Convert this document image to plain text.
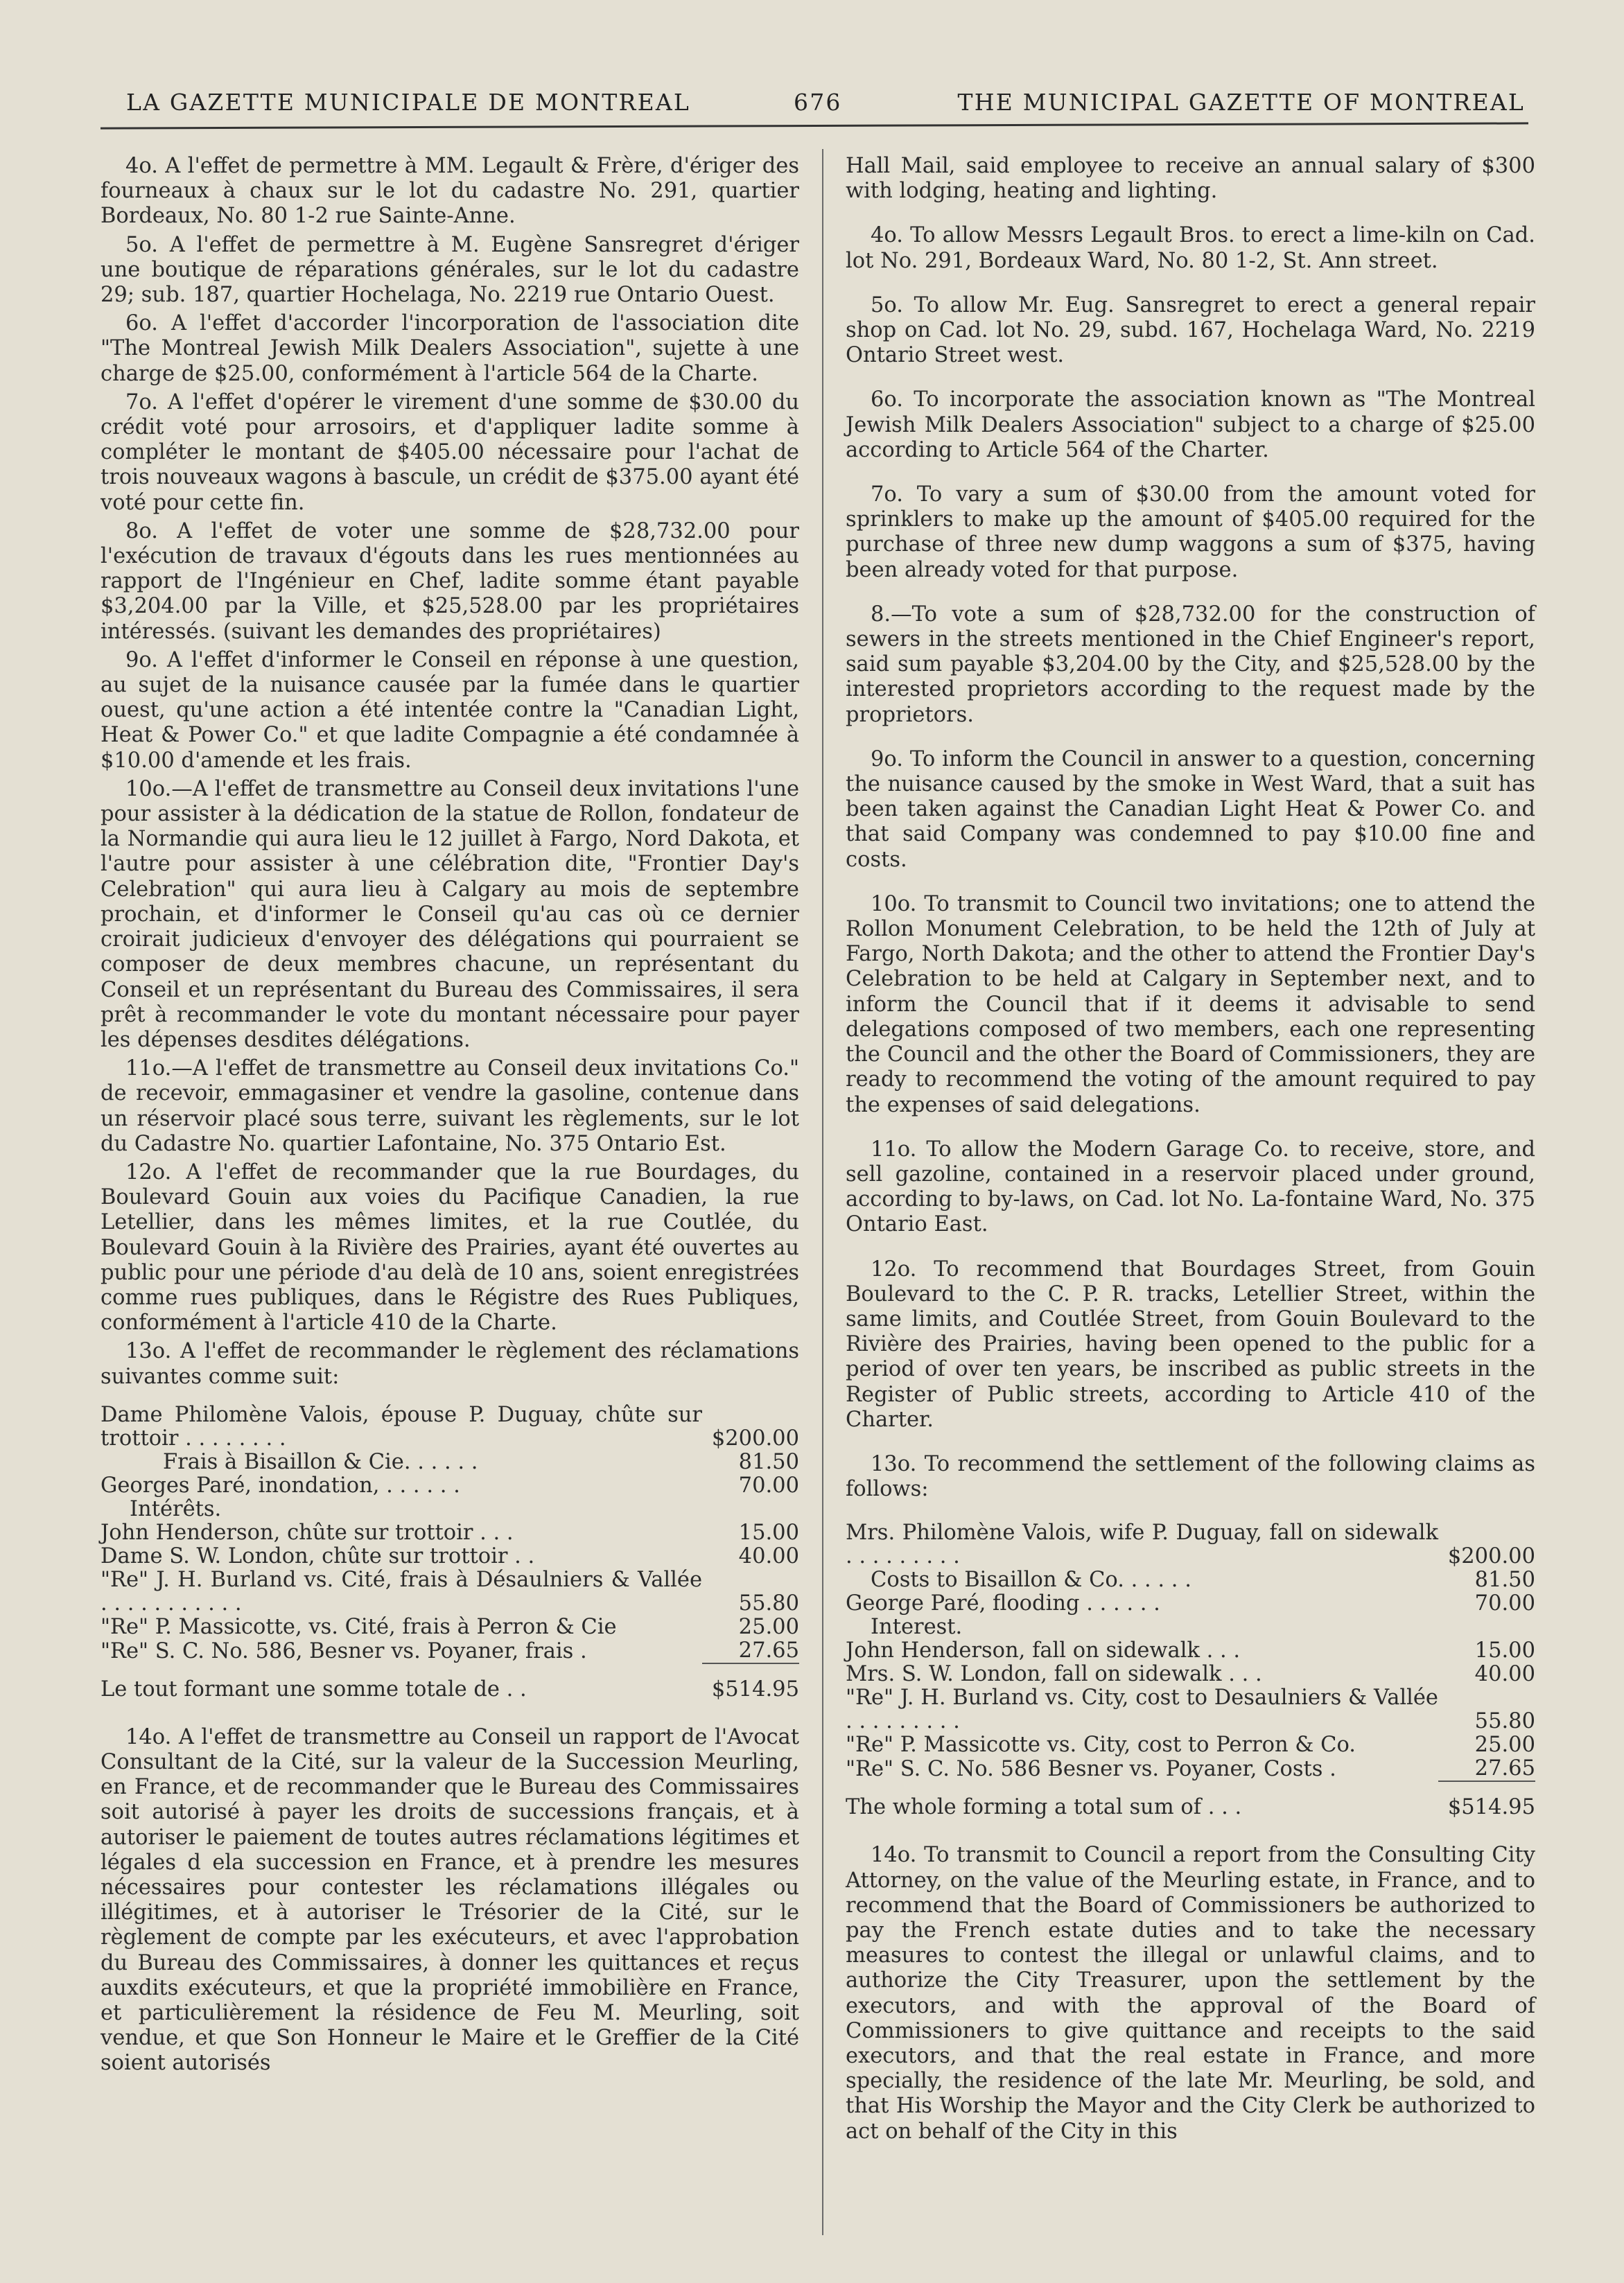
LA GAZETTE MUNICIPALE DE MONTREAL	676	THE MUNICIPAL GAZETTE OF MONTREAL

4o. A l'effet de permettre à MM. Legault & Frère, d'ériger des fourneaux à chaux sur le lot du cadastre No. 291, quartier Bordeaux, No. 80 1-2 rue Sainte-Anne.

5o. A l'effet de permettre à M. Eugène Sansregret d'ériger une boutique de réparations générales, sur le lot du cadastre 29; sub. 187, quartier Hochelaga, No. 2219 rue Ontario Ouest.

6o. A l'effet d'accorder l'incorporation de l'association dite "The Montreal Jewish Milk Dealers Association", sujette à une charge de $25.00, conformément à l'article 564 de la Charte.

7o. A l'effet d'opérer le virement d'une somme de $30.00 du crédit voté pour arrosoirs, et d'appliquer ladite somme à compléter le montant de $405.00 nécessaire pour l'achat de trois nouveaux wagons à bascule, un crédit de $375.00 ayant été voté pour cette fin.

8o. A l'effet de voter une somme de $28,732.00 pour l'exécution de travaux d'égouts dans les rues mentionnées au rapport de l'Ingénieur en Chef, ladite somme étant payable $3,204.00 par la Ville, et $25,528.00 par les propriétaires intéressés. (suivant les demandes des propriétaires)

9o. A l'effet d'informer le Conseil en réponse à une question, au sujet de la nuisance causée par la fumée dans le quartier ouest, qu'une action a été intentée contre la "Canadian Light, Heat & Power Co." et que ladite Compagnie a été condamnée à $10.00 d'amende et les frais.

10o.—A l'effet de transmettre au Conseil deux invitations l'une pour assister à la dédication de la statue de Rollon, fondateur de la Normandie qui aura lieu le 12 juillet à Fargo, Nord Dakota, et l'autre pour assister à une célébration dite, "Frontier Day's Celebration" qui aura lieu à Calgary au mois de septembre prochain, et d'informer le Conseil qu'au cas où ce dernier croirait judicieux d'envoyer des délégations qui pourraient se composer de deux membres chacune, un représentant du Conseil et un représentant du Bureau des Commissaires, il sera prêt à recommander le vote du montant nécessaire pour payer les dépenses desdites délégations.

11o.—A l'effet de transmettre au Conseil deux invitations Co." de recevoir, emmagasiner et vendre la gasoline, contenue dans un réservoir placé sous terre, suivant les règlements, sur le lot du Cadastre No. quartier Lafontaine, No. 375 Ontario Est.

12o. A l'effet de recommander que la rue Bourdages, du Boulevard Gouin aux voies du Pacifique Canadien, la rue Letellier, dans les mêmes limites, et la rue Coutlée, du Boulevard Gouin à la Rivière des Prairies, ayant été ouvertes au public pour une période d'au delà de 10 ans, soient enregistrées comme rues publiques, dans le Régistre des Rues Publiques, conformément à l'article 410 de la Charte.

13o. A l'effet de recommander le règlement des réclamations suivantes comme suit:

Dame Philomène Valois, épouse P. Duguay, chûte sur trottoir . . . . . . . .	$200.00
Frais à Bisaillon & Cie. . . . . .	81.50
Georges Paré, inondation, . . . . . .	70.00
Intérêts.	
John Henderson, chûte sur trottoir . . .	15.00
Dame S. W. London, chûte sur trottoir . .	40.00
"Re" J. H. Burland vs. Cité, frais à Désaulniers & Vallée . . . . . . . . . . .	55.80
"Re" P. Massicotte, vs. Cité, frais à Perron & Cie	25.00
"Re" S. C. No. 586, Besner vs. Poyaner, frais .	27.65
Le tout formant une somme totale de . .	$514.95

14o. A l'effet de transmettre au Conseil un rapport de l'Avocat Consultant de la Cité, sur la valeur de la Succession Meurling, en France, et de recommander que le Bureau des Commissaires soit autorisé à payer les droits de successions français, et à autoriser le paiement de toutes autres réclamations légitimes et légales d ela succession en France, et à prendre les mesures nécessaires pour contester les réclamations illégales ou illégitimes, et à autoriser le Trésorier de la Cité, sur le règlement de compte par les exécuteurs, et avec l'approbation du Bureau des Commissaires, à donner les quittances et reçus auxdits exécuteurs, et que la propriété immobilière en France, et particulièrement la résidence de Feu M. Meurling, soit vendue, et que Son Honneur le Maire et le Greffier de la Cité soient autorisés

Hall Mail, said employee to receive an annual salary of $300 with lodging, heating and lighting.

4o. To allow Messrs Legault Bros. to erect a lime-kiln on Cad. lot No. 291, Bordeaux Ward, No. 80 1-2, St. Ann street.

5o. To allow Mr. Eug. Sansregret to erect a general repair shop on Cad. lot No. 29, subd. 167, Hochelaga Ward, No. 2219 Ontario Street west.

6o. To incorporate the association known as "The Montreal Jewish Milk Dealers Association" subject to a charge of $25.00 according to Article 564 of the Charter.

7o. To vary a sum of $30.00 from the amount voted for sprinklers to make up the amount of $405.00 required for the purchase of three new dump waggons a sum of $375, having been already voted for that purpose.

8.—To vote a sum of $28,732.00 for the construction of sewers in the streets mentioned in the Chief Engineer's report, said sum payable $3,204.00 by the City, and $25,528.00 by the interested proprietors according to the request made by the proprietors.

9o. To inform the Council in answer to a question, concerning the nuisance caused by the smoke in West Ward, that a suit has been taken against the Canadian Light Heat & Power Co. and that said Company was condemned to pay $10.00 fine and costs.

10o. To transmit to Council two invitations; one to attend the Rollon Monument Celebration, to be held the 12th of July at Fargo, North Dakota; and the other to attend the Frontier Day's Celebration to be held at Calgary in September next, and to inform the Council that if it deems it advisable to send delegations composed of two members, each one representing the Council and the other the Board of Commissioners, they are ready to recommend the voting of the amount required to pay the expenses of said delegations.

11o. To allow the Modern Garage Co. to receive, store, and sell gazoline, contained in a reservoir placed under ground, according to by-laws, on Cad. lot No. La-fontaine Ward, No. 375 Ontario East.

12o. To recommend that Bourdages Street, from Gouin Boulevard to the C. P. R. tracks, Letellier Street, within the same limits, and Coutlée Street, from Gouin Boulevard to the Rivière des Prairies, having been opened to the public for a period of over ten years, be inscribed as public streets in the Register of Public streets, according to Article 410 of the Charter.

13o. To recommend the settlement of the following claims as follows:

Mrs. Philomène Valois, wife P. Duguay, fall on sidewalk . . . . . . . . .	$200.00
Costs to Bisaillon & Co. . . . . .	81.50
George Paré, flooding . . . . . .	70.00
Interest.	
John Henderson, fall on sidewalk . . .	15.00
Mrs. S. W. London, fall on sidewalk . . .	40.00
"Re" J. H. Burland vs. City, cost to Desaulniers & Vallée . . . . . . . . .	55.80
"Re" P. Massicotte vs. City, cost to Perron & Co.	25.00
"Re" S. C. No. 586 Besner vs. Poyaner, Costs .	27.65
The whole forming a total sum of . . .	$514.95

14o. To transmit to Council a report from the Consulting City Attorney, on the value of the Meurling estate, in France, and to recommend that the Board of Commissioners be authorized to pay the French estate duties and to take the necessary measures to contest the illegal or unlawful claims, and to authorize the City Treasurer, upon the settlement by the executors, and with the approval of the Board of Commissioners to give quittance and receipts to the said executors, and that the real estate in France, and more specially, the residence of the late Mr. Meurling, be sold, and that His Worship the Mayor and the City Clerk be authorized to act on behalf of the City in this
